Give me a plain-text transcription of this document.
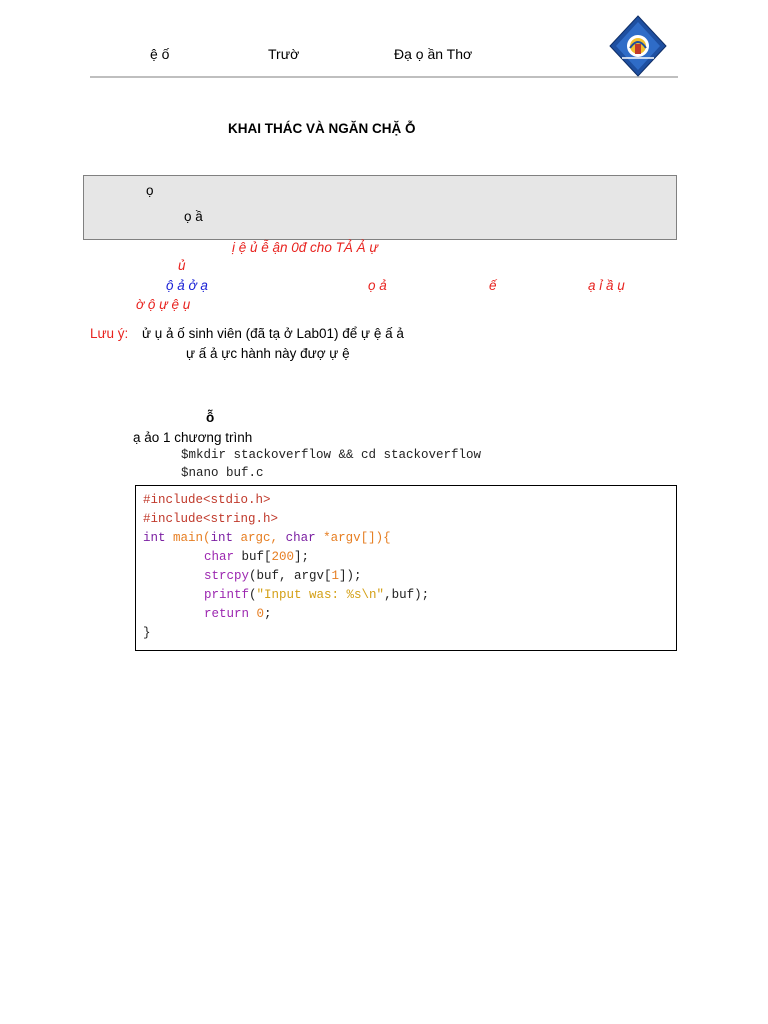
ệ ố	Trườ	Đạ ọ ần Thơ
KHAI THÁC VÀ NGĂN CHẶ Ỗ
ọ
ọ ầ
ị ệ ủ ễ ận 0đ cho TẢ Ả ự
ủ
ộ ả ở ạ	ọ ả	ế	ạ ỉ ầ ụ
ờ ộ ự ệ ụ
Lưu ý: ử ụ ả ố sinh viên (đã tạ ở Lab01) để ự ệ ấ ả
ự ấ ả ực hành này đượ ự ệ
ỗ
ạ ảo 1 chương trình
$mkdir stackoverflow && cd stackoverflow
$nano buf.c
#include<stdio.h>
#include<string.h>
int main(int argc, char *argv[]){
char buf[200];
strcpy(buf, argv[1]);
printf("Input was: %s\n",buf);
return 0;
}
